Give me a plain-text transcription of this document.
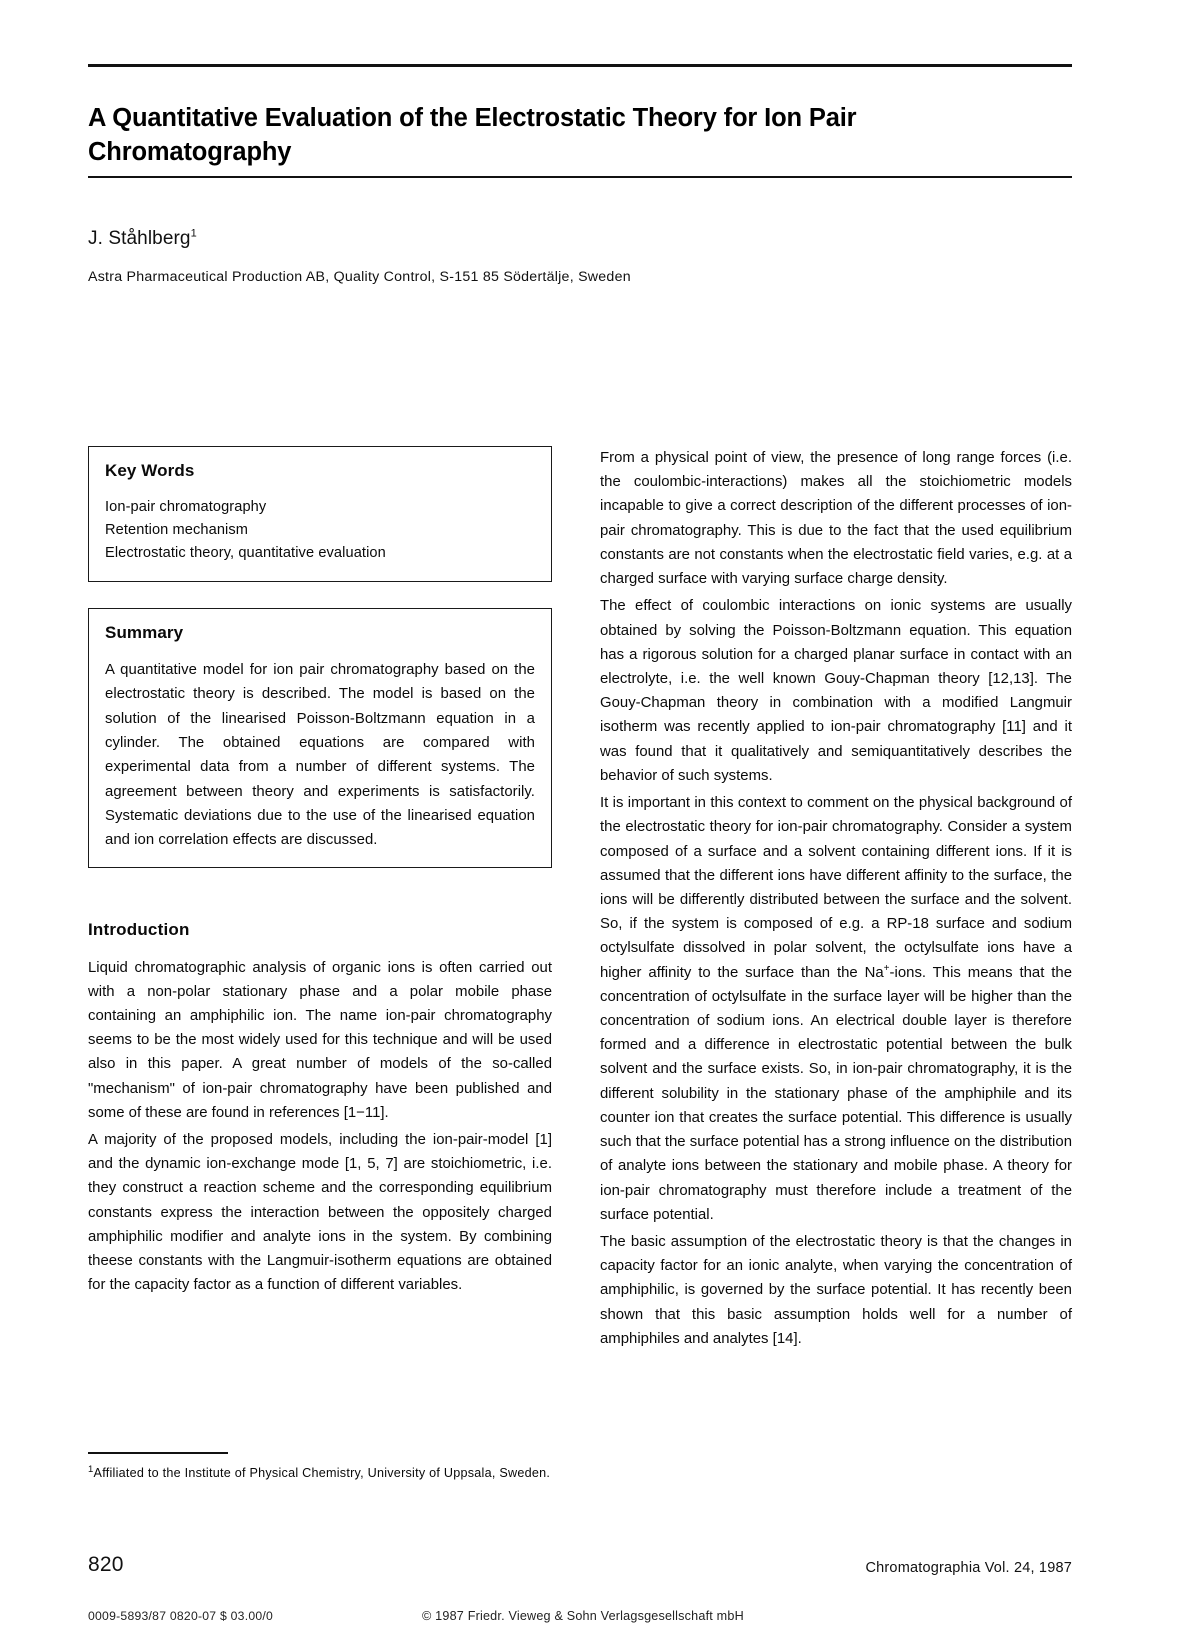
A Quantitative Evaluation of the Electrostatic Theory for Ion Pair Chromatography
J. Ståhlberg$^1$
Astra Pharmaceutical Production AB, Quality Control, S-151 85 Södertälje, Sweden
Key Words
Ion-pair chromatography
Retention mechanism
Electrostatic theory, quantitative evaluation
Summary

A quantitative model for ion pair chromatography based on the electrostatic theory is described. The model is based on the solution of the linearised Poisson-Boltzmann equation in a cylinder. The obtained equations are compared with experimental data from a number of different systems. The agreement between theory and experiments is satisfactorily. Systematic deviations due to the use of the linearised equation and ion correlation effects are discussed.

Introduction

Liquid chromatographic analysis of organic ions is often carried out with a non-polar stationary phase and a polar mobile phase containing an amphiphilic ion. The name ion-pair chromatography seems to be the most widely used for this technique and will be used also in this paper. A great number of models of the so-called "mechanism" of ion-pair chromatography have been published and some of these are found in references [1−11].

A majority of the proposed models, including the ion-pair-model [1] and the dynamic ion-exchange mode [1, 5, 7] are stoichiometric, i.e. they construct a reaction scheme and the corresponding equilibrium constants express the interaction between the oppositely charged amphiphilic modifier and analyte ions in the system. By combining theese constants with the Langmuir-isotherm equations are obtained for the capacity factor as a function of different variables.

From a physical point of view, the presence of long range forces (i.e. the coulombic-interactions) makes all the stoichiometric models incapable to give a correct description of the different processes of ion-pair chromatography. This is due to the fact that the used equilibrium constants are not constants when the electrostatic field varies, e.g. at a charged surface with varying surface charge density.

The effect of coulombic interactions on ionic systems are usually obtained by solving the Poisson-Boltzmann equation. This equation has a rigorous solution for a charged planar surface in contact with an electrolyte, i.e. the well known Gouy-Chapman theory [12,13]. The Gouy-Chapman theory in combination with a modified Langmuir isotherm was recently applied to ion-pair chromatography [11] and it was found that it qualitatively and semiquantitatively describes the behavior of such systems.

It is important in this context to comment on the physical background of the electrostatic theory for ion-pair chromatography. Consider a system composed of a surface and a solvent containing different ions. If it is assumed that the different ions have different affinity to the surface, the ions will be differently distributed between the surface and the solvent. So, if the system is composed of e.g. a RP-18 surface and sodium octylsulfate dissolved in polar solvent, the octylsulfate ions have a higher affinity to the surface than the Na+-ions. This means that the concentration of octylsulfate in the surface layer will be higher than the concentration of sodium ions. An electrical double layer is therefore formed and a difference in electrostatic potential between the bulk solvent and the surface exists. So, in ion-pair chromatography, it is the different solubility in the stationary phase of the amphiphile and its counter ion that creates the surface potential. This difference is usually such that the surface potential has a strong influence on the distribution of analyte ions between the stationary and mobile phase. A theory for ion-pair chromatography must therefore include a treatment of the surface potential.

The basic assumption of the electrostatic theory is that the changes in capacity factor for an ionic analyte, when varying the concentration of amphiphilic, is governed by the surface potential. It has recently been shown that this basic assumption holds well for a number of amphiphiles and analytes [14].

$^1$Affiliated to the Institute of Physical Chemistry, University of Uppsala, Sweden.

820	Chromatographia Vol. 24, 1987
0009-5893/87 0820-07 $ 03.00/0	© 1987 Friedr. Vieweg & Sohn Verlagsgesellschaft mbH
